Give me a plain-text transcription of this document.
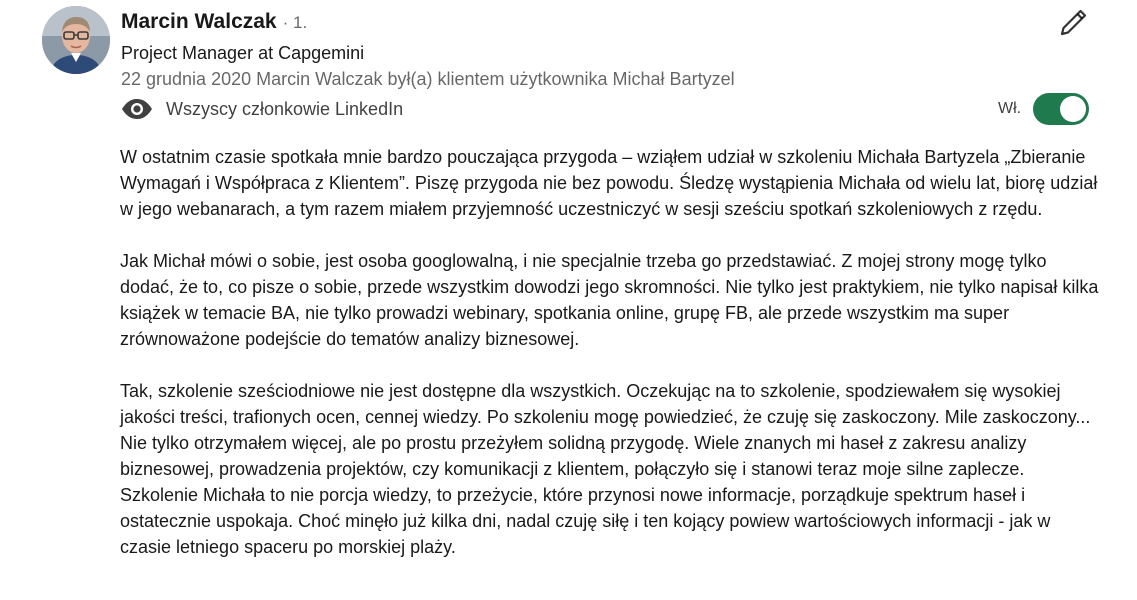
Marcin Walczak · 1.
Project Manager at Capgemini
22 grudnia 2020 Marcin Walczak był(a) klientem użytkownika Michał Bartyzel
Wszyscy członkowie LinkedIn	Wł.

W ostatnim czasie spotkała mnie bardzo pouczająca przygoda – wziąłem udział w szkoleniu Michała Bartyzela „Zbieranie Wymagań i Współpraca z Klientem”. Piszę przygoda nie bez powodu. Śledzę wystąpienia Michała od wielu lat, biorę udział w jego webanarach, a tym razem miałem przyjemność uczestniczyć w sesji sześciu spotkań szkoleniowych z rzędu.

Jak Michał mówi o sobie, jest osoba googlowalną, i nie specjalnie trzeba go przedstawiać. Z mojej strony mogę tylko dodać, że to, co pisze o sobie, przede wszystkim dowodzi jego skromności. Nie tylko jest praktykiem, nie tylko napisał kilka książek w temacie BA, nie tylko prowadzi webinary, spotkania online, grupę FB, ale przede wszystkim ma super zrównoważone podejście do tematów analizy biznesowej.

Tak, szkolenie sześciodniowe nie jest dostępne dla wszystkich. Oczekując na to szkolenie, spodziewałem się wysokiej jakości treści, trafionych ocen, cennej wiedzy. Po szkoleniu mogę powiedzieć, że czuję się zaskoczony. Mile zaskoczony... Nie tylko otrzymałem więcej, ale po prostu przeżyłem solidną przygodę. Wiele znanych mi haseł z zakresu analizy biznesowej, prowadzenia projektów, czy komunikacji z klientem, połączyło się i stanowi teraz moje silne zaplecze. Szkolenie Michała to nie porcja wiedzy, to przeżycie, które przynosi nowe informacje, porządkuje spektrum haseł i ostatecznie uspokaja. Choć minęło już kilka dni, nadal czuję siłę i ten kojący powiew wartościowych informacji - jak w czasie letniego spaceru po morskiej plaży.
